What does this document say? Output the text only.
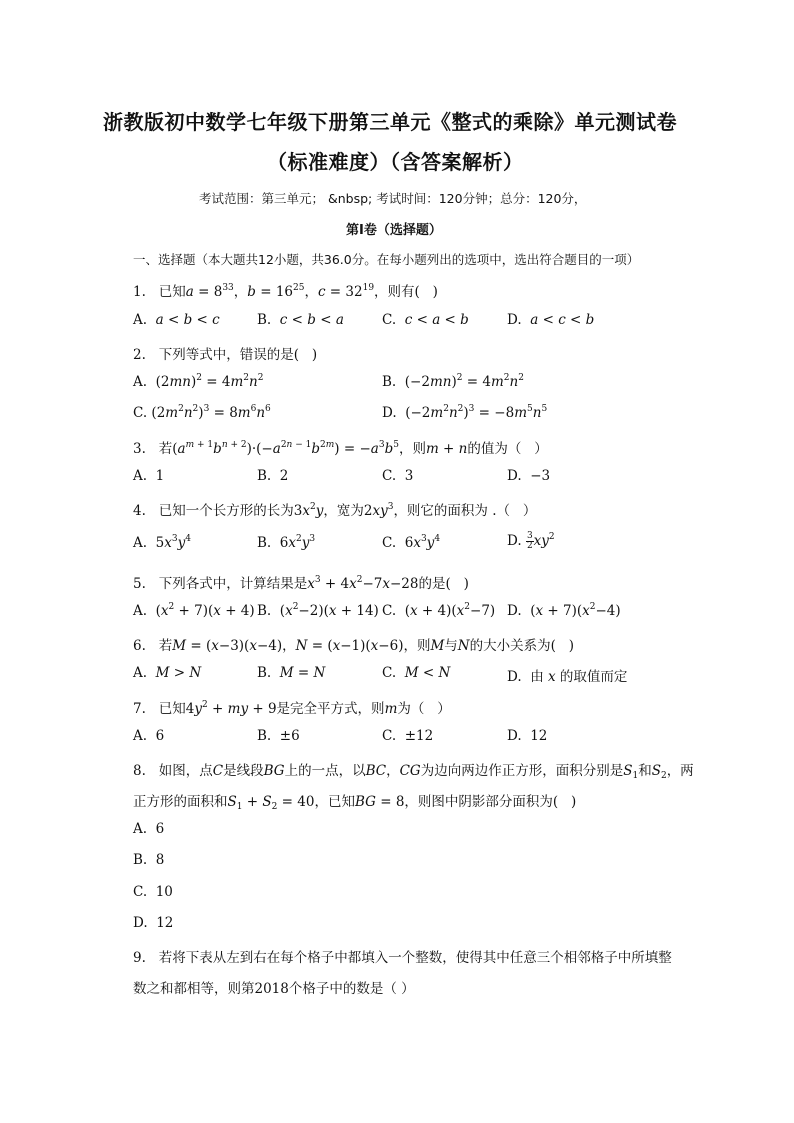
浙教版初中数学七年级下册第三单元《整式的乘除》单元测试卷
（标准难度）（含答案解析）
考试范围：第三单元； &nbsp; 考试时间：120分钟；总分：120分，
第I卷（选择题）
一、选择题（本大题共12小题，共36.0分。在每小题列出的选项中，选出符合题目的一项）
1. 已知$a = 8^{33}$，$b = 16^{25}$，$c = 32^{19}$，则有(   )
A.  a < b < c	B.  c < b < a	C.  c < a < b	D.  a < c < b
2. 下列等式中，错误的是(   )
A.  $(2mn)^2 = 4m^2n^2$	B.  $(-2mn)^2 = 4m^2n^2$
C. $(2m^2n^2)^3 = 8m^6n^6$	D.  $(-2m^2n^2)^3 = -8m^5n^5$
3. 若$(a^{m + 1}b^{n + 2})\cdot(-a^{2n - 1}b^{2m}) = -a^3b^5$，则m + n的值为（   ）
A.  1	B.  2	C.  3	D.  −3
4. 已知一个长方形的长为$3x^2y$，宽为$2xy^3$，则它的面积为 .（   ）
A.  $5x^3y^4$	B.  $6x^2y^3$	C.  $6x^3y^4$	D. $\frac{3}{2} xy^2$
5. 下列各式中，计算结果是$x^3 + 4x^2-7x-28$的是(   )
A.  $(x^2 + 7)(x + 4)$ B.  $(x^2-2)(x + 14)$ C.  $(x + 4)(x^2-7)$ D.  $(x + 7)(x^2-4)$
6. 若M = (x−3)(x−4)，N = (x−1)(x−6)，则M与N的大小关系为(   )
A.  M > N	B.  M = N	C.  M < N	D.  由 x 的取值而定
7. 已知$4y^2$ + my + 9是完全平方式，则m为（   ）
A.  6	B.  ±6	C.  ±12	D.  12
8. 如图，点C是线段BG上的一点，以BC，CG为边向两边作正方形，面积分别是$S_1$和$S_2$，两
正方形的面积和$S_1 + S_2 = 40$，已知BG = 8，则图中阴影部分面积为(   )
A.  6
B.  8
C.  10
D.  12
9. 若将下表从左到右在每个格子中都填入一个整数，使得其中任意三个相邻格子中所填整
数之和都相等，则第2018个格子中的数是（ ）
